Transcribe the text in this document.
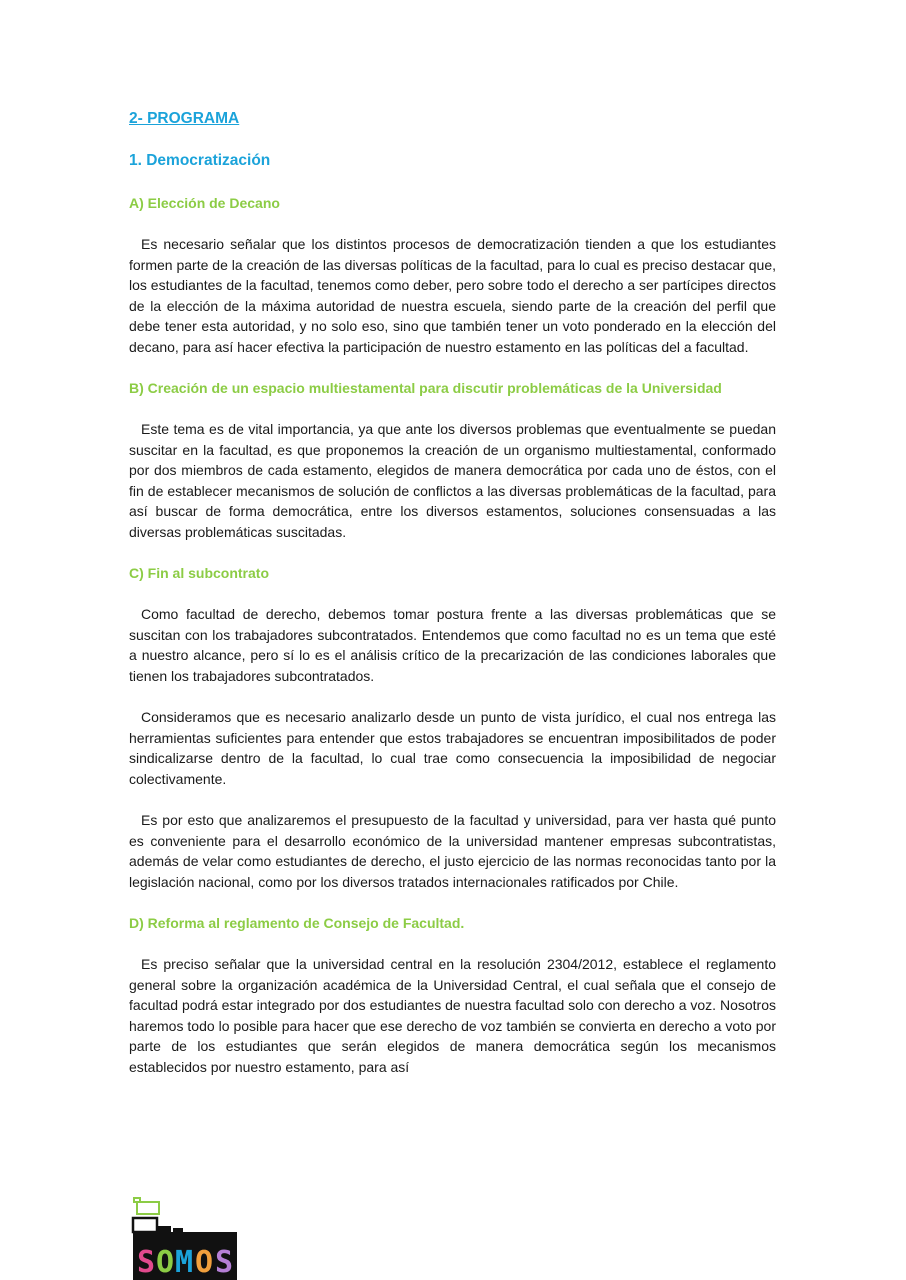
2- PROGRAMA
1. Democratización
A) Elección de Decano

Es necesario señalar que los distintos procesos de democratización tienden a que los estudiantes formen parte de la creación de las diversas políticas de la facultad, para lo cual es preciso destacar que, los estudiantes de la facultad, tenemos como deber, pero sobre todo el derecho a ser partícipes directos de la elección de la máxima autoridad de nuestra escuela, siendo parte de la creación del perfil que debe tener esta autoridad, y no solo eso, sino que también tener un voto ponderado en la elección del decano, para así hacer efectiva la participación de nuestro estamento en las políticas del a facultad.

B) Creación de un espacio multiestamental para discutir problemáticas de la Universidad

Este tema es de vital importancia, ya que ante los diversos problemas que eventualmente se puedan suscitar en la facultad, es que proponemos la creación de un organismo multiestamental, conformado por dos miembros de cada estamento, elegidos de manera democrática por cada uno de éstos, con el fin de establecer mecanismos de solución de conflictos a las diversas problemáticas de la facultad, para así buscar de forma democrática, entre los diversos estamentos, soluciones consensuadas a las diversas problemáticas suscitadas.

C) Fin al subcontrato

Como facultad de derecho, debemos tomar postura frente a las diversas problemáticas que se suscitan con los trabajadores subcontratados. Entendemos que como facultad no es un tema que esté a nuestro alcance, pero sí lo es el análisis crítico de la precarización de las condiciones laborales que tienen los trabajadores subcontratados.

Consideramos que es necesario analizarlo desde un punto de vista jurídico, el cual nos entrega las herramientas suficientes para entender que estos trabajadores se encuentran imposibilitados de poder sindicalizarse dentro de la facultad, lo cual trae como consecuencia la imposibilidad de negociar colectivamente.

Es por esto que analizaremos el presupuesto de la facultad y universidad, para ver hasta qué punto es conveniente para el desarrollo económico de la universidad mantener empresas subcontratistas, además de velar como estudiantes de derecho, el justo ejercicio de las normas reconocidas tanto por la legislación nacional, como por los diversos tratados internacionales ratificados por Chile.

D) Reforma al reglamento de Consejo de Facultad.

Es preciso señalar que la universidad central en la resolución 2304/2012, establece el reglamento general sobre la organización académica de la Universidad Central, el cual señala que el consejo de facultad podrá estar integrado por dos estudiantes de nuestra facultad solo con derecho a voz. Nosotros haremos todo lo posible para hacer que ese derecho de voz también se convierta en derecho a voto por parte de los estudiantes que serán elegidos de manera democrática según los mecanismos establecidos por nuestro estamento, para así

S O M O S
